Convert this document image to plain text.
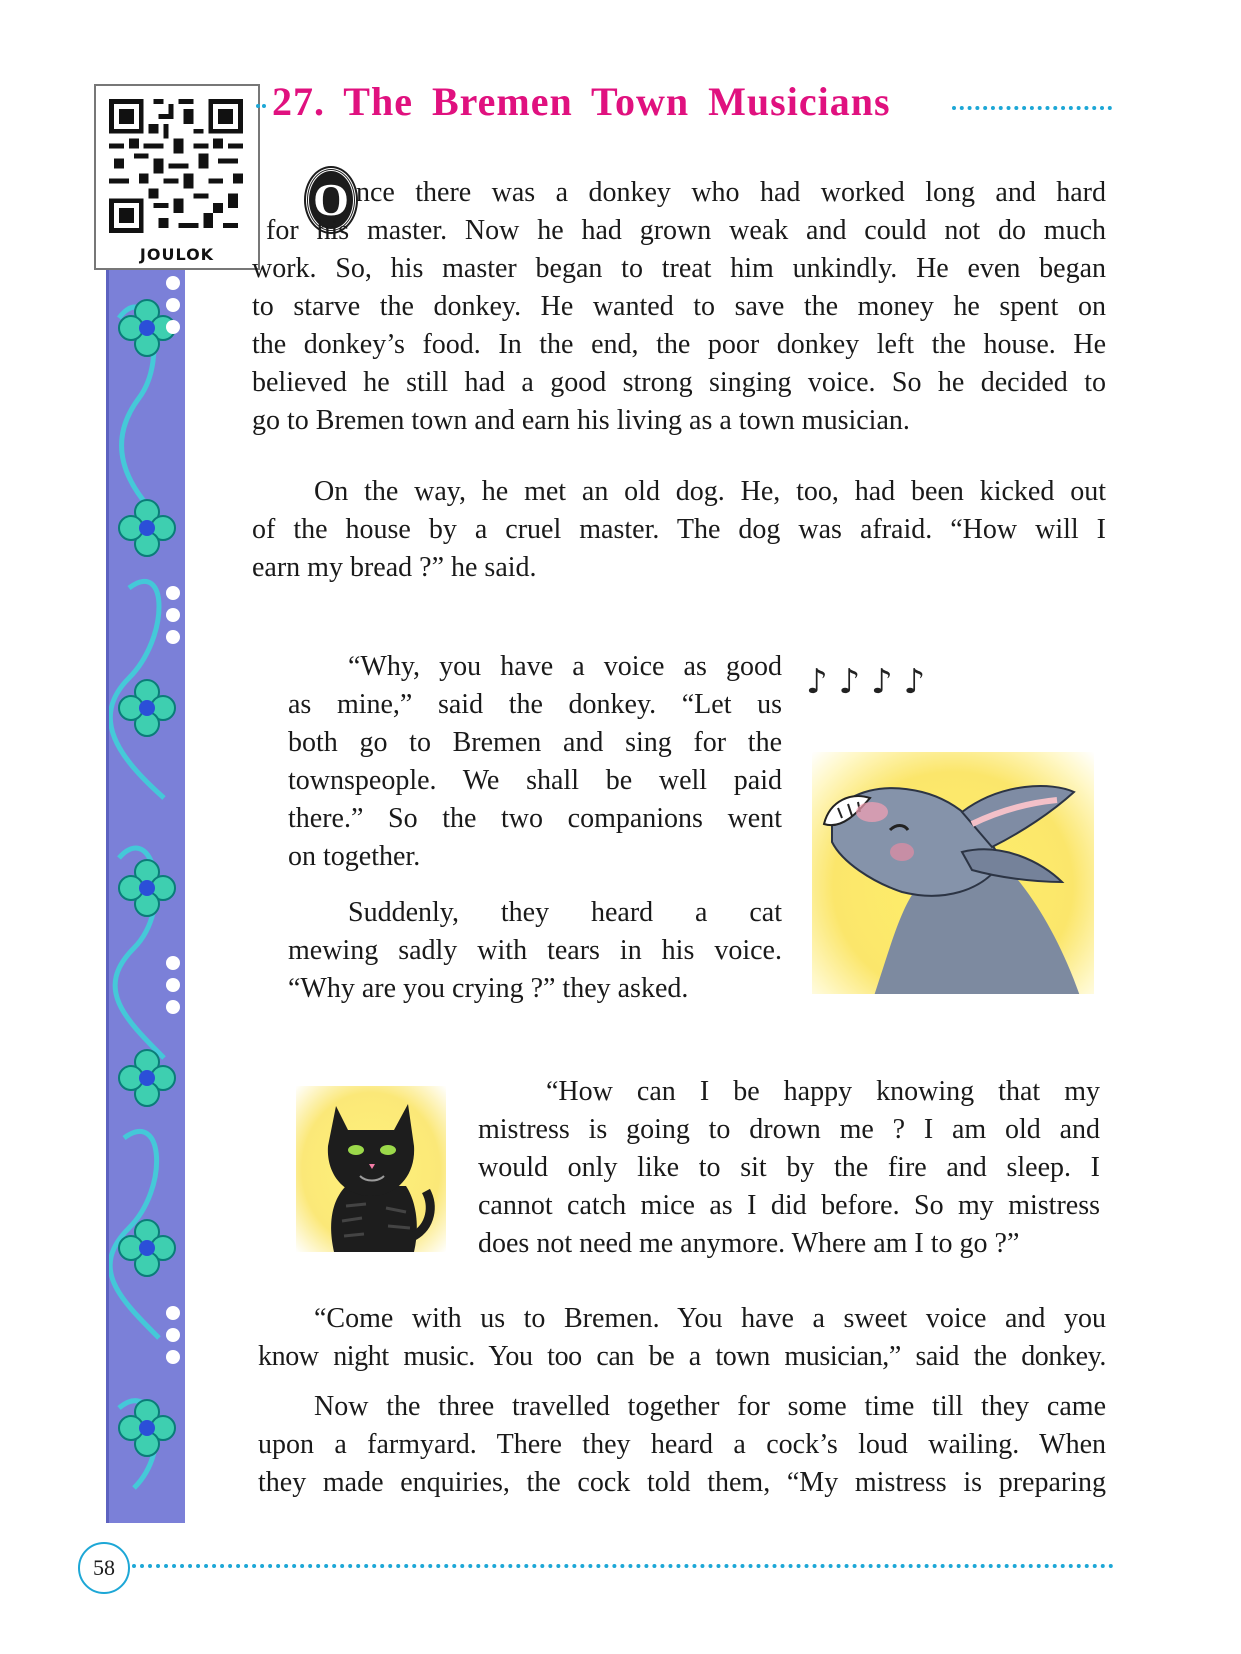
JOULOK
27. The Bremen Town Musicians
O nce there was a donkey who had worked long and hard
for his master. Now he had grown weak and could not do much
work. So, his master began to treat him unkindly. He even began
to starve the donkey. He wanted to save the money he spent on
the donkey’s food. In the end, the poor donkey left the house. He
believed he still had a good strong singing voice. So he decided to
go to Bremen town and earn his living as a town musician.
On the way, he met an old dog. He, too, had been kicked out
of the house by a cruel master. The dog was afraid. “How will I
earn my bread ?” he said.
“Why, you have a voice as good
as mine,” said the donkey. “Let us
both go to Bremen and sing for the
townspeople. We shall be well paid
there.” So the two companions went
on together.
Suddenly, they heard a cat
mewing sadly with tears in his voice.
“Why are you crying ?” they asked.
♪ ♪ ♪ ♪
“How can I be happy knowing that my
mistress is going to drown me ? I am old and
would only like to sit by the fire and sleep. I
cannot catch mice as I did before. So my mistress
does not need me anymore. Where am I to go ?”
“Come with us to Bremen. You have a sweet voice and you
know night music. You too can be a town musician,” said the donkey.
Now the three travelled together for some time till they came
upon a farmyard. There they heard a cock’s loud wailing. When
they made enquiries, the cock told them, “My mistress is preparing
58
